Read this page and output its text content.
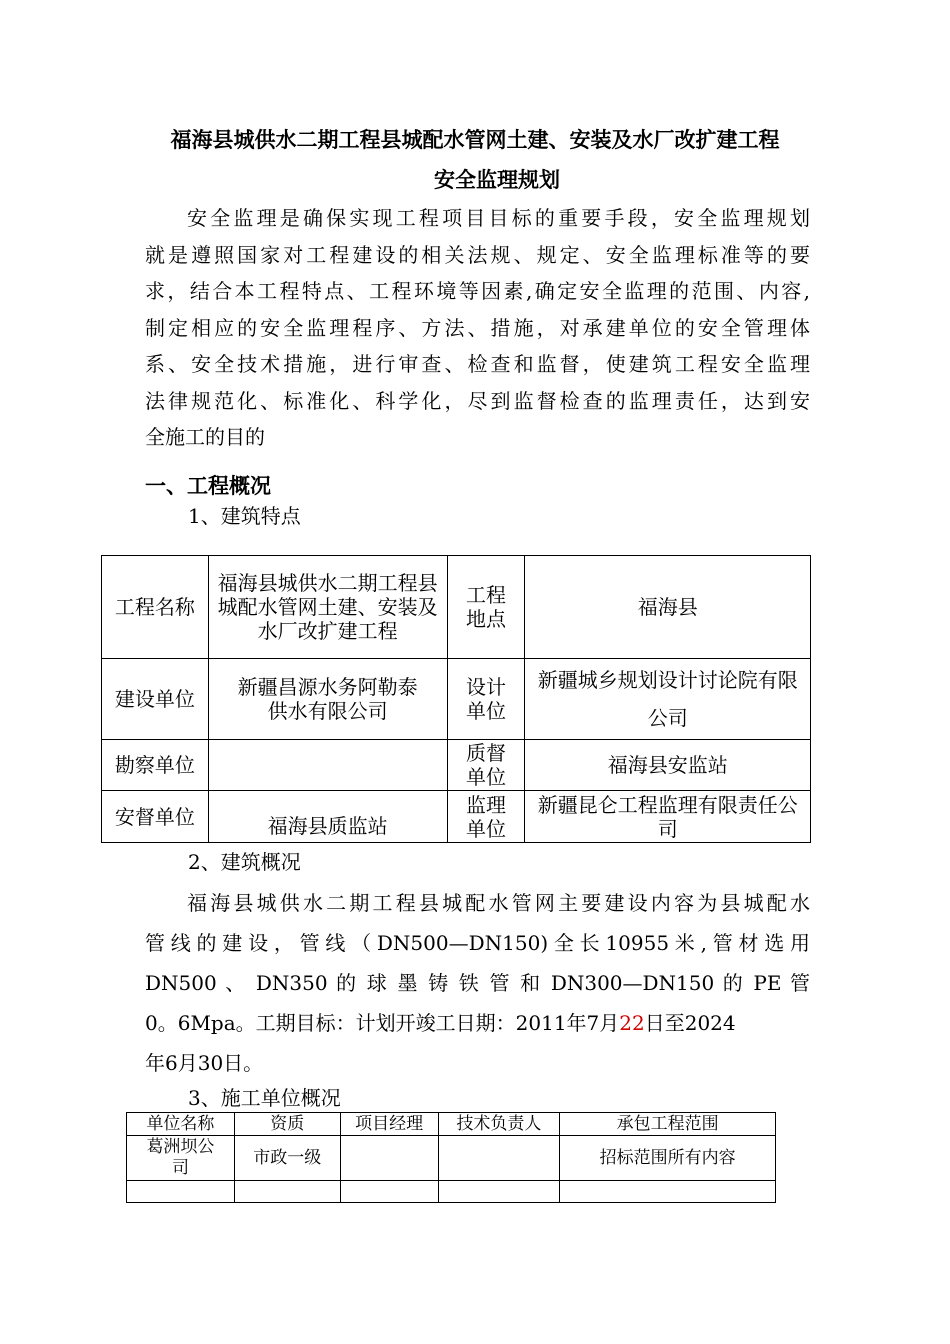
福海县城供水二期工程县城配水管网土建、安装及水厂改扩建工程
安全监理规划
安全监理是确保实现工程项目目标的重要手段，安全监理规划
就是遵照国家对工程建设的相关法规、规定、安全监理标准等的要
求，结合本工程特点、工程环境等因素,确定安全监理的范围、内容,
制定相应的安全监理程序、方法、措施，对承建单位的安全管理体
系、安全技术措施，进行审查、检查和监督，使建筑工程安全监理
法律规范化、标准化、科学化，尽到监督检查的监理责任，达到安
全施工的目的
一、工程概况
1、建筑特点
工程名称	福海县城供水二期工程县城配水管网土建、安装及水厂改扩建工程	工程地点	福海县
建设单位	新疆昌源水务阿勒泰供水有限公司	设计单位	新疆城乡规划设计讨论院有限公司
勘察单位		质督单位	福海县安监站
安督单位	福海县质监站	监理单位	新疆昆仑工程监理有限责任公司
2、建筑概况
福海县城供水二期工程县城配水管网主要建设内容为县城配水
管线的建设，管线（DN500—DN150)全长10955米,管材选用
DN500 、 DN350 的 球 墨 铸 铁 管 和 DN300—DN150 的 PE 管
0。6Mpa。工期目标：计划开竣工日期：2011年7月22日至2024
年6月30日。
3、施工单位概况
单位名称	资质	项目经理	技术负责人	承包工程范围
葛洲坝公司	市政一级			招标范围所有内容
